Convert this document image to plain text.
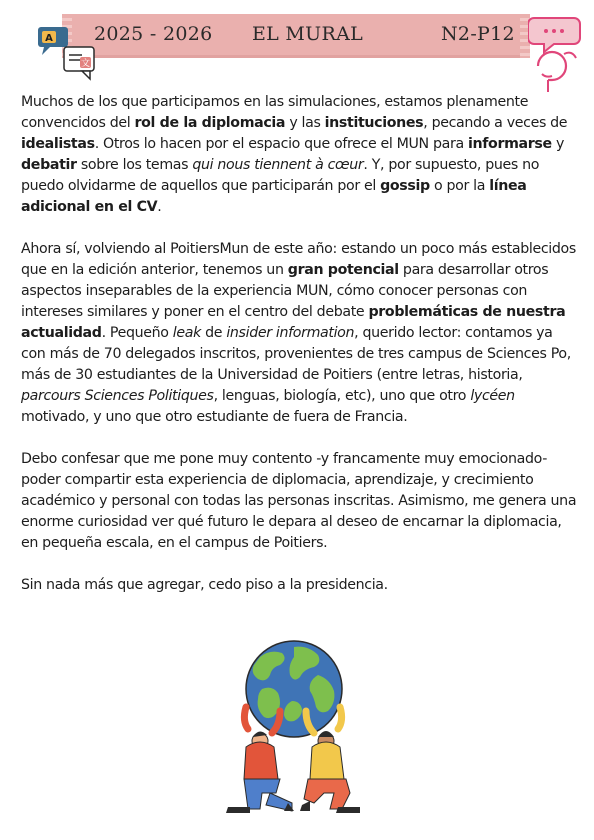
2025 - 2026 EL MURAL	N2-P12
A
文

Muchos de los que participamos en las simulaciones, estamos plenamente convencidos del rol de la diplomacia y las instituciones, pecando a veces de idealistas. Otros lo hacen por el espacio que ofrece el MUN para informarse y debatir sobre los temas qui nous tiennent à cœur. Y, por supuesto, pues no puedo olvidarme de aquellos que participarán por el gossip o por la línea adicional en el CV.

Ahora sí, volviendo al PoitiersMun de este año: estando un poco más establecidos que en la edición anterior, tenemos un gran potencial para desarrollar otros aspectos inseparables de la experiencia MUN, cómo conocer personas con intereses similares y poner en el centro del debate problemáticas de nuestra actualidad. Pequeño leak de insider information, querido lector: contamos ya con más de 70 delegados inscritos, provenientes de tres campus de Sciences Po, más de 30 estudiantes de la Universidad de Poitiers (entre letras, historia, parcours Sciences Politiques, lenguas, biología, etc), uno que otro lycéen motivado, y uno que otro estudiante de fuera de Francia.

Debo confesar que me pone muy contento -y francamente muy emocionado- poder compartir esta experiencia de diplomacia, aprendizaje, y crecimiento académico y personal con todas las personas inscritas. Asimismo, me genera una enorme curiosidad ver qué futuro le depara al deseo de encarnar la diplomacia, en pequeña escala, en el campus de Poitiers.

Sin nada más que agregar, cedo piso a la presidencia.
